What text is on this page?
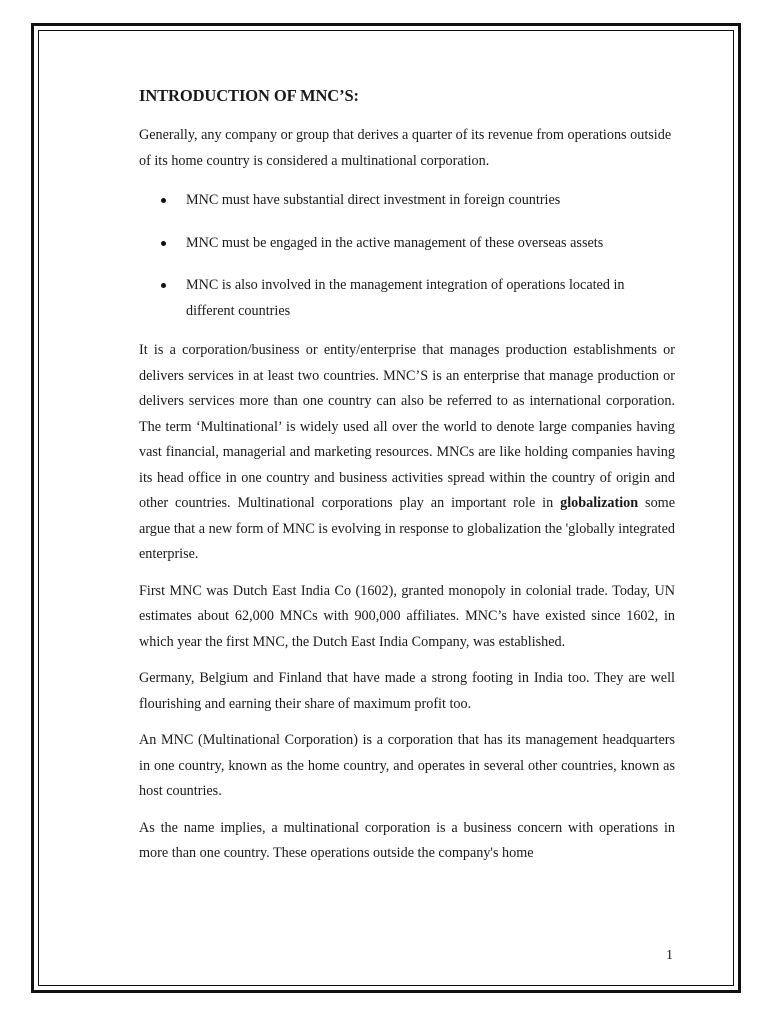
INTRODUCTION OF MNC’S:

Generally, any company or group that derives a quarter of its revenue from operations outside of its home country is considered a multinational corporation.

MNC must have substantial direct investment in foreign countries
MNC must be engaged in the active management of these overseas assets
MNC is also involved in the management integration of operations located in different countries

It is a corporation/business or entity/enterprise that manages production establishments or delivers services in at least two countries. MNC’S is an enterprise that manage production or delivers services more than one country can also be referred to as international corporation. The term ‘Multinational’ is widely used all over the world to denote large companies having vast financial, managerial and marketing resources. MNCs are like holding companies having its head office in one country and business activities spread within the country of origin and other countries. Multinational corporations play an important role in globalization some argue that a new form of MNC is evolving in response to globalization the 'globally integrated enterprise.

First MNC was Dutch East India Co (1602), granted monopoly in colonial trade. Today, UN estimates about 62,000 MNCs with 900,000 affiliates. MNC’s have existed since 1602, in which year the first MNC, the Dutch East India Company, was established.

Germany, Belgium and Finland that have made a strong footing in India too. They are well flourishing and earning their share of maximum profit too.

An MNC (Multinational Corporation) is a corporation that has its management headquarters in one country, known as the home country, and operates in several other countries, known as host countries.

As the name implies, a multinational corporation is a business concern with operations in more than one country. These operations outside the company's home

1
